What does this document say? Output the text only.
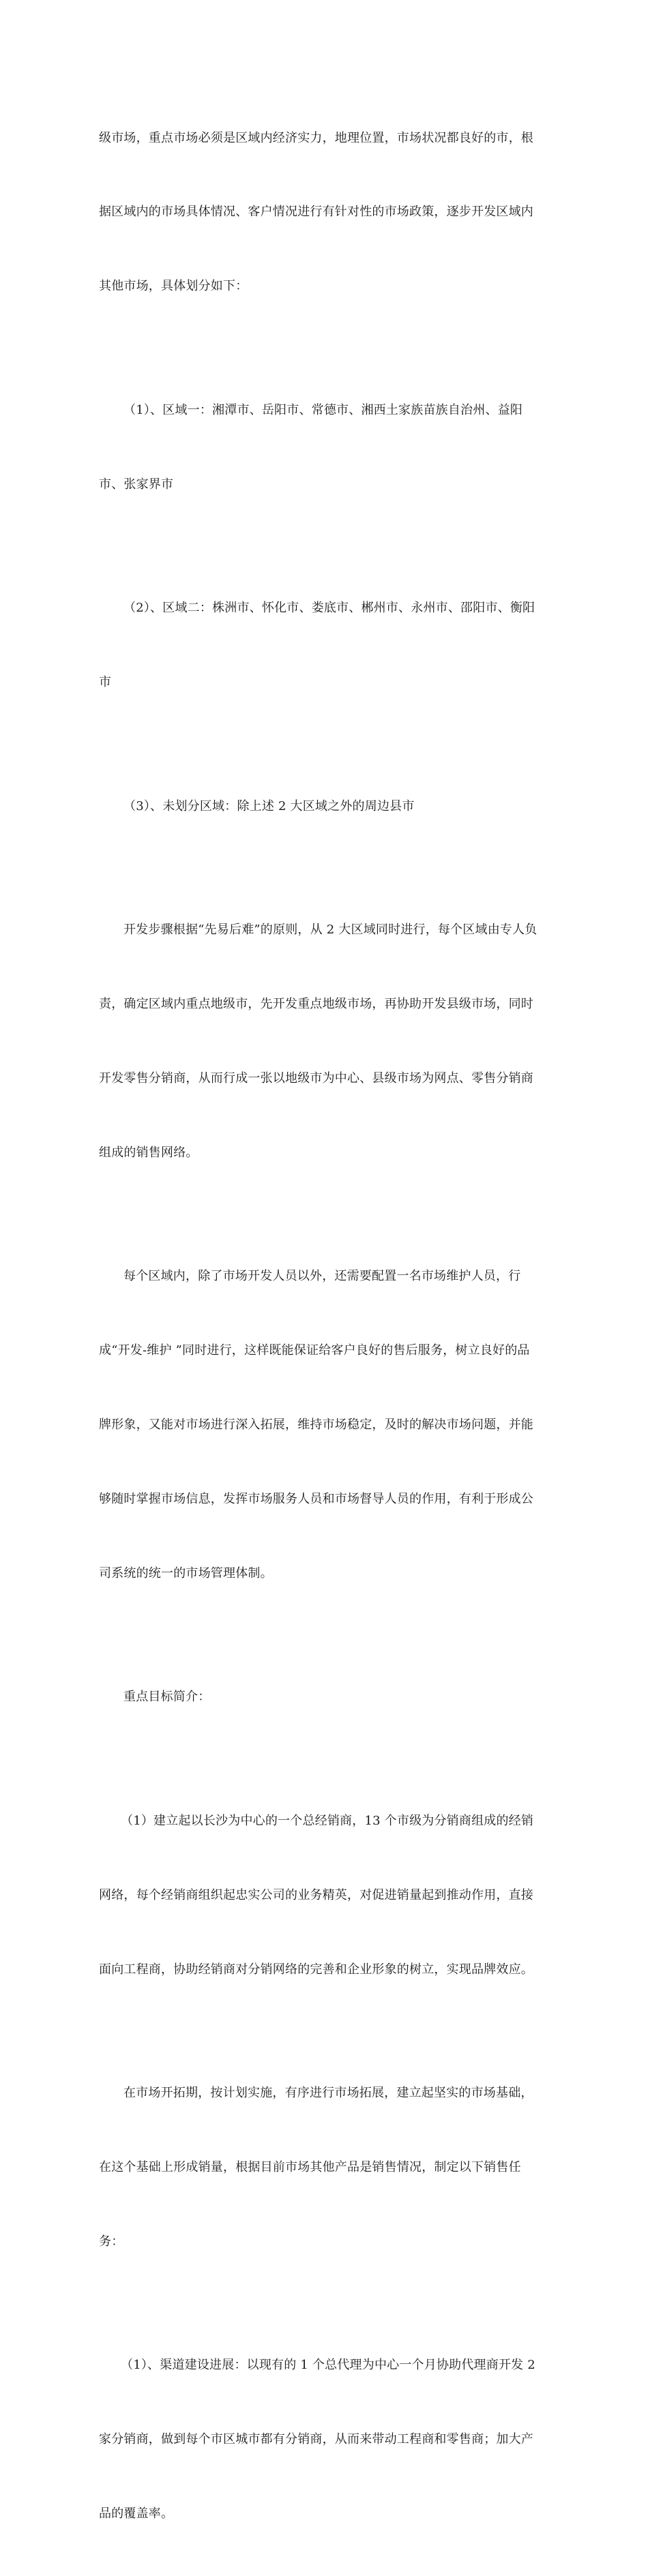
级市场，重点市场必须是区域内经济实力，地理位置，市场状况都良好的市，根

据区域内的市场具体情况、客户情况进行有针对性的市场政策，逐步开发区域内

其他市场，具体划分如下：

（1）、区域一：湘潭市、岳阳市、常德市、湘西土家族苗族自治州、益阳

市、张家界市

（2）、区域二：株洲市、怀化市、娄底市、郴州市、永州市、邵阳市、衡阳

市

（3）、未划分区域：除上述 2 大区域之外的周边县市

开发步骤根据“先易后难”的原则，从 2 大区域同时进行，每个区域由专人负

责，确定区域内重点地级市，先开发重点地级市场，再协助开发县级市场，同时

开发零售分销商，从而行成一张以地级市为中心、县级市场为网点、零售分销商

组成的销售网络。

每个区域内，除了市场开发人员以外，还需要配置一名市场维护人员，行

成“开发-维护 ”同时进行，这样既能保证给客户良好的售后服务，树立良好的品

牌形象，又能对市场进行深入拓展，维持市场稳定，及时的解决市场问题，并能

够随时掌握市场信息，发挥市场服务人员和市场督导人员的作用，有利于形成公

司系统的统一的市场管理体制。

重点目标简介：

（1）建立起以长沙为中心的一个总经销商，13 个市级为分销商组成的经销

网络，每个经销商组织起忠实公司的业务精英，对促进销量起到推动作用，直接

面向工程商，协助经销商对分销网络的完善和企业形象的树立，实现品牌效应。

在市场开拓期，按计划实施，有序进行市场拓展，建立起坚实的市场基础，

在这个基础上形成销量，根据目前市场其他产品是销售情况，制定以下销售任

务：

（1）、渠道建设进展：以现有的 1 个总代理为中心一个月协助代理商开发 2

家分销商，做到每个市区城市都有分销商，从而来带动工程商和零售商；加大产

品的覆盖率。
